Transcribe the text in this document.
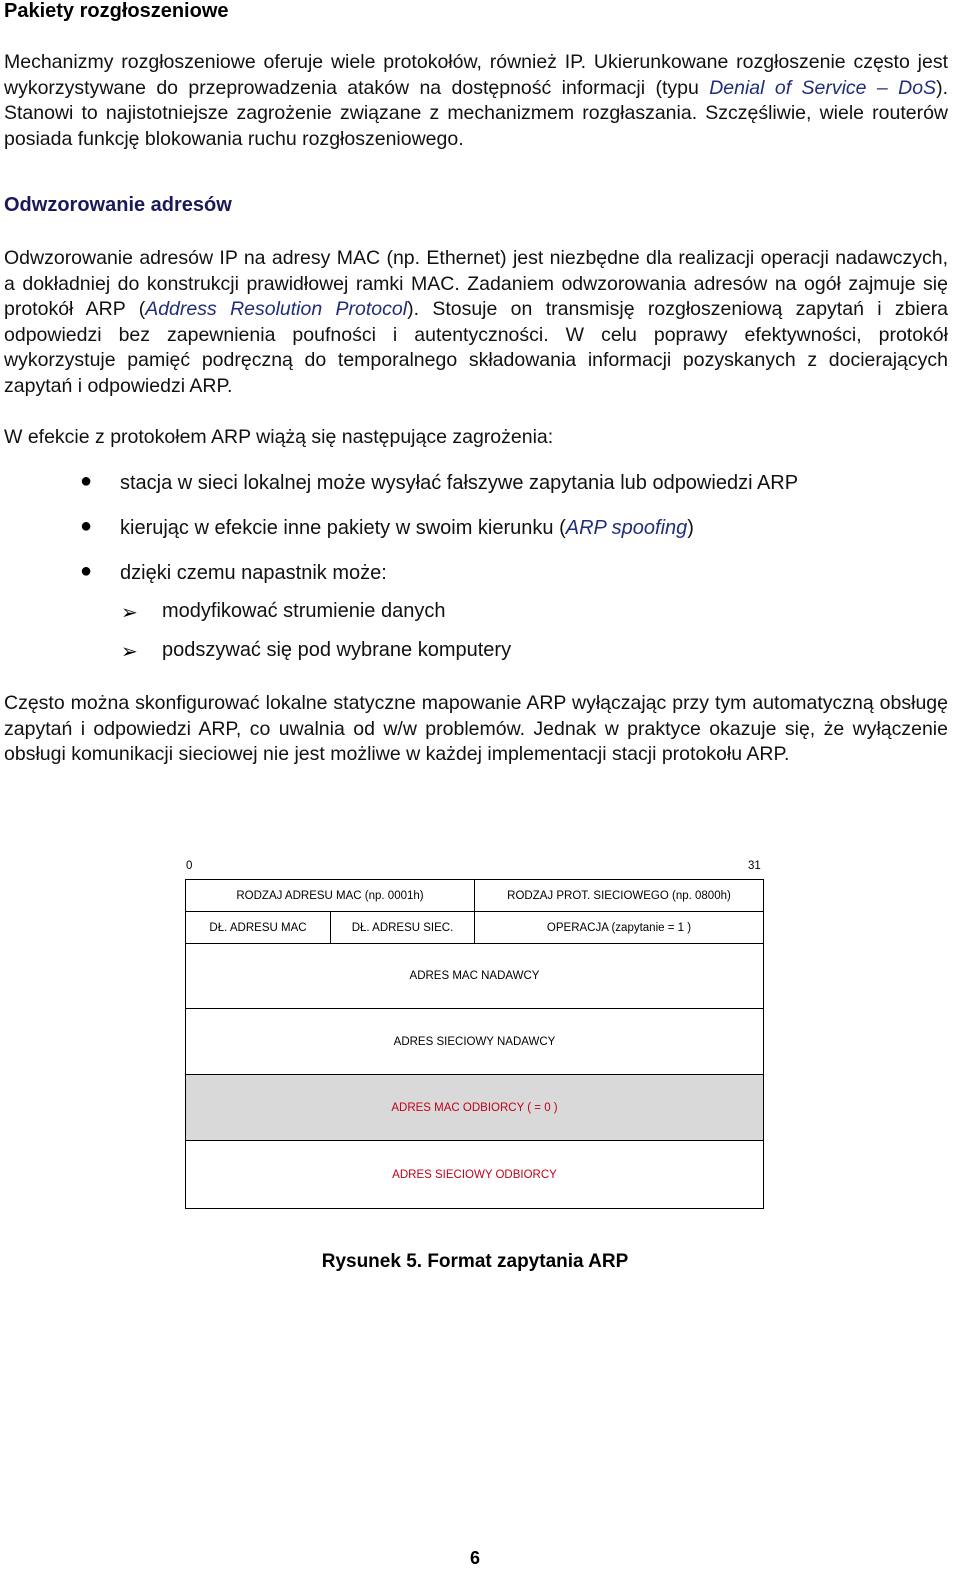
Pakiety rozgłoszeniowe
Mechanizmy rozgłoszeniowe oferuje wiele protokołów, również IP. Ukierunkowane rozgłoszenie często jest wykorzystywane do przeprowadzenia ataków na dostępność informacji (typu Denial of Service – DoS). Stanowi to najistotniejsze zagrożenie związane z mechanizmem rozgłaszania. Szczęśliwie, wiele routerów posiada funkcję blokowania ruchu rozgłoszeniowego.
Odwzorowanie adresów
Odwzorowanie adresów IP na adresy MAC (np. Ethernet) jest niezbędne dla realizacji operacji nadawczych, a dokładniej do konstrukcji prawidłowej ramki MAC. Zadaniem odwzorowania adresów na ogół zajmuje się protokół ARP (Address Resolution Protocol). Stosuje on transmisję rozgłoszeniową zapytań i zbiera odpowiedzi bez zapewnienia poufności i autentyczności. W celu poprawy efektywności, protokół wykorzystuje pamięć podręczną do temporalnego składowania informacji pozyskanych z docierających zapytań i odpowiedzi ARP.
W efekcie z protokołem ARP wiążą się następujące zagrożenia:
● stacja w sieci lokalnej może wysyłać fałszywe zapytania lub odpowiedzi ARP
● kierując w efekcie inne pakiety w swoim kierunku (ARP spoofing)
● dzięki czemu napastnik może:
➢ modyfikować strumienie danych
➢ podszywać się pod wybrane komputery
Często można skonfigurować lokalne statyczne mapowanie ARP wyłączając przy tym automatyczną obsługę zapytań i odpowiedzi ARP, co uwalnia od w/w problemów. Jednak w praktyce okazuje się, że wyłączenie obsługi komunikacji sieciowej nie jest możliwe w każdej implementacji stacji protokołu ARP.
0	31
RODZAJ ADRESU MAC (np. 0001h)	RODZAJ PROT. SIECIOWEGO (np. 0800h)
DŁ. ADRESU MAC	DŁ. ADRESU SIEC.	OPERACJA (zapytanie = 1 )
ADRES MAC NADAWCY
ADRES SIECIOWY NADAWCY
ADRES MAC ODBIORCY ( = 0 )
ADRES SIECIOWY ODBIORCY
Rysunek 5. Format zapytania ARP
6
